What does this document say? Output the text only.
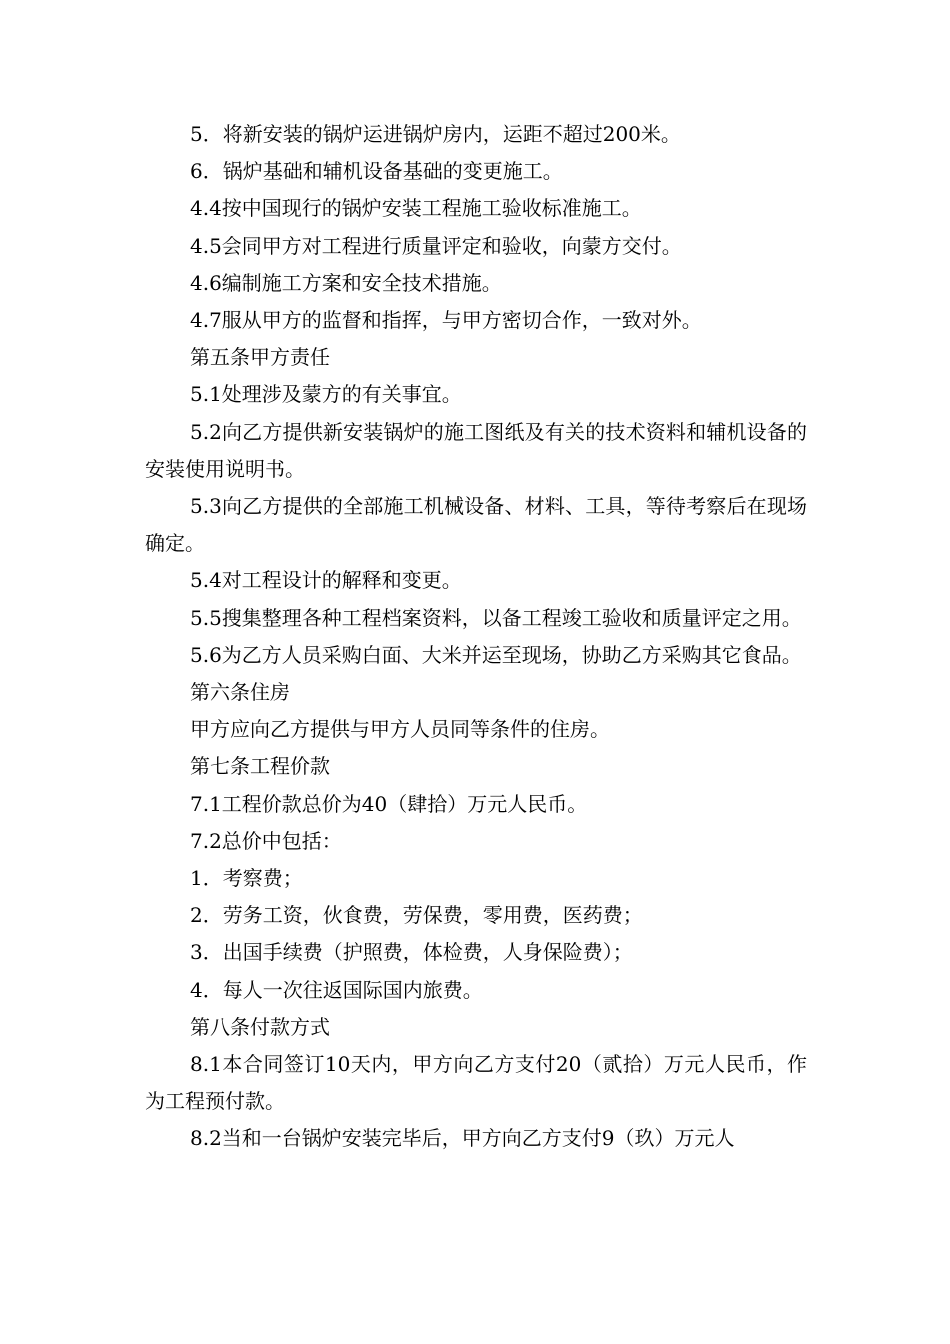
5．将新安装的锅炉运进锅炉房内，运距不超过200米。

6．锅炉基础和辅机设备基础的变更施工。

4.4按中国现行的锅炉安装工程施工验收标准施工。

4.5会同甲方对工程进行质量评定和验收，向蒙方交付。

4.6编制施工方案和安全技术措施。

4.7服从甲方的监督和指挥，与甲方密切合作，一致对外。

第五条甲方责任

5.1处理涉及蒙方的有关事宜。

5.2向乙方提供新安装锅炉的施工图纸及有关的技术资料和辅机设备的安装使用说明书。

5.3向乙方提供的全部施工机械设备、材料、工具，等待考察后在现场确定。

5.4对工程设计的解释和变更。

5.5搜集整理各种工程档案资料，以备工程竣工验收和质量评定之用。

5.6为乙方人员采购白面、大米并运至现场，协助乙方采购其它食品。

第六条住房

甲方应向乙方提供与甲方人员同等条件的住房。

第七条工程价款

7.1工程价款总价为40（肆拾）万元人民币。

7.2总价中包括：

1．考察费；

2．劳务工资，伙食费，劳保费，零用费，医药费；

3．出国手续费（护照费，体检费，人身保险费）；

4．每人一次往返国际国内旅费。

第八条付款方式

8.1本合同签订10天内，甲方向乙方支付20（贰拾）万元人民币，作为工程预付款。

8.2当和一台锅炉安装完毕后，甲方向乙方支付9（玖）万元人
